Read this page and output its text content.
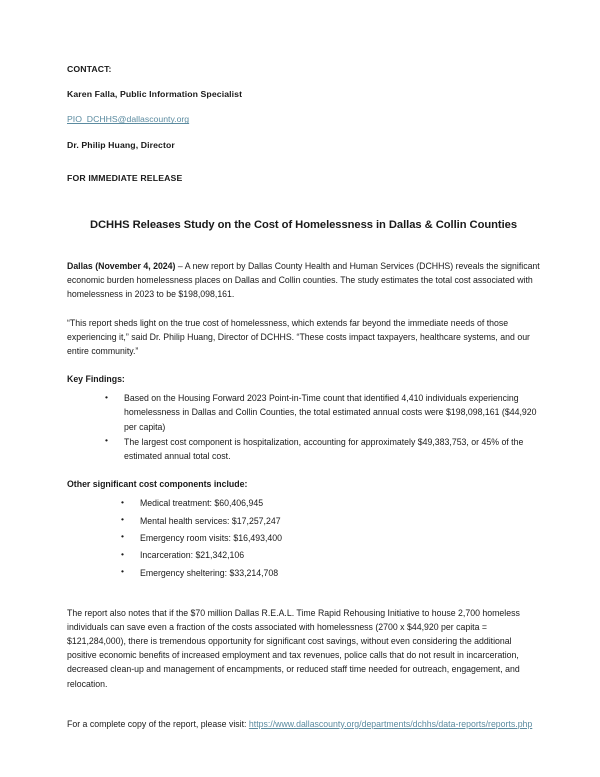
CONTACT:
Karen Falla, Public Information Specialist
PIO_DCHHS@dallascounty.org
Dr. Philip Huang, Director
FOR IMMEDIATE RELEASE
DCHHS Releases Study on the Cost of Homelessness in Dallas & Collin Counties

Dallas (November 4, 2024) – A new report by Dallas County Health and Human Services (DCHHS) reveals the significant economic burden homelessness places on Dallas and Collin counties. The study estimates the total cost associated with homelessness in 2023 to be $198,098,161.

“This report sheds light on the true cost of homelessness, which extends far beyond the immediate needs of those experiencing it,” said Dr. Philip Huang, Director of DCHHS. “These costs impact taxpayers, healthcare systems, and our entire community.”

Key Findings:
• Based on the Housing Forward 2023 Point-in-Time count that identified 4,410 individuals experiencing homelessness in Dallas and Collin Counties, the total estimated annual costs were $198,098,161 ($44,920 per capita)
• The largest cost component is hospitalization, accounting for approximately $49,383,753, or 45% of the estimated annual total cost.
Other significant cost components include:
• Medical treatment: $60,406,945
• Mental health services: $17,257,247
• Emergency room visits: $16,493,400
• Incarceration: $21,342,106
• Emergency sheltering: $33,214,708

The report also notes that if the $70 million Dallas R.E.A.L. Time Rapid Rehousing Initiative to house 2,700 homeless individuals can save even a fraction of the costs associated with homelessness (2700 x $44,920 per capita = $121,284,000), there is tremendous opportunity for significant cost savings, without even considering the additional positive economic benefits of increased employment and tax revenues, police calls that do not result in incarceration, decreased clean-up and management of encampments, or reduced staff time needed for outreach, engagement, and relocation.

For a complete copy of the report, please visit: https://www.dallascounty.org/departments/dchhs/data-reports/reports.php
